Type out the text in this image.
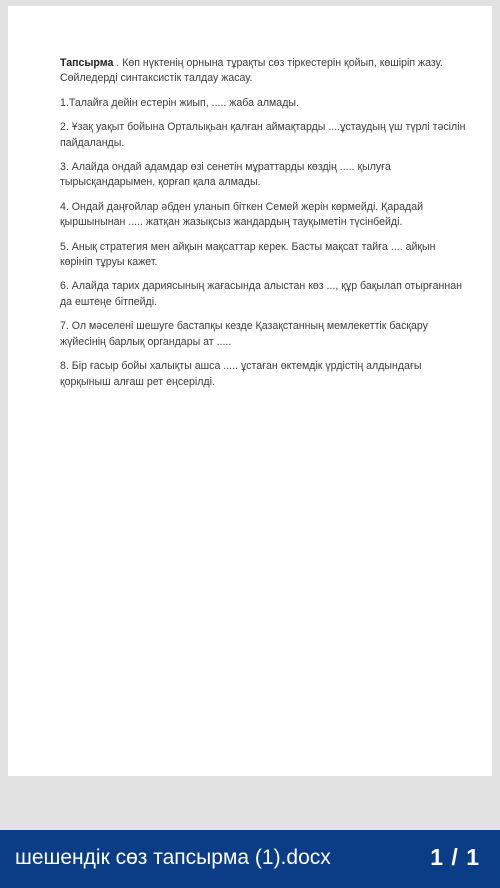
Тапсырма . Көп нүктенің орнына тұрақты сөз тіркестерін қойып, көшіріп жазу. Сөйледерді синтаксистік талдау жасау.

1.Талайға дейін естерін жиып, ..... жаба алмады.

2. Ұзақ уақыт бойына Орталықьан қалған аймақтарды ....ұстаудың үш түрлі тәсілін пайдаланды.

3. Алайда ондай адамдар өзі сенетін мұраттарды көздің ..... қылуға тырысқандарымен, қорғап қала алмады.

4. Ондай даңғойлар әбден уланып біткен Семей жерін көрмейді. Қарадай қыршынынан ..... жатқан жазықсыз жандардың тауқыметін түсінбейді.

5. Анық стратегия мен айқын мақсаттар керек. Басты мақсат тайға .... айқын көрініп тұруы кажет.

6. Алайда тарих дариясының жағасында алыстан көз ..., құр бақылап отырғаннан да ештеңе бітпейді.

7. Ол мәселені шешуге бастапқы кезде Қазақстанның мемлекеттік басқару жүйесінің барлық органдары ат .....

8. Бір ғасыр бойы халықты ашса ..... ұстаған өктемдік үрдістің алдындағы қорқыныш алғаш рет еңсерілді.

шешендік сөз тапсырма (1).docx	1 / 1
